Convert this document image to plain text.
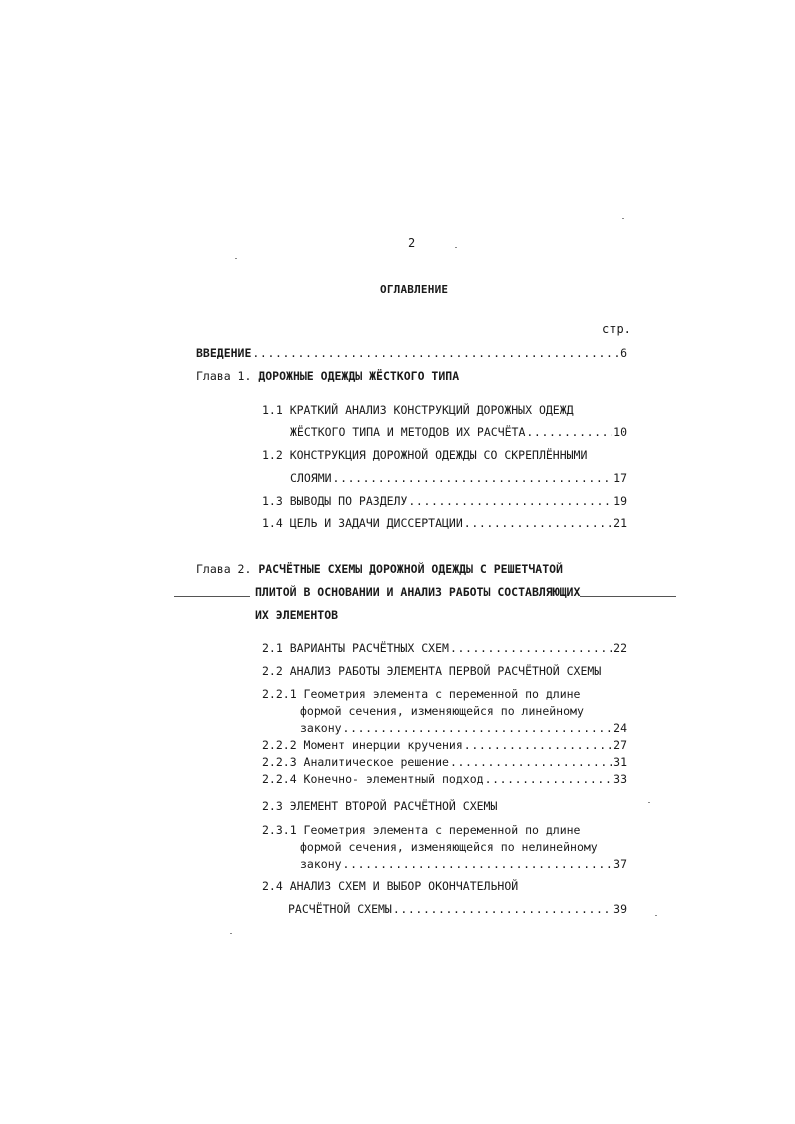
2
ОГЛАВЛЕНИЕ
стр.
ВВЕДЕНИЕ .....	6
Глава 1. ДОРОЖНЫЕ ОДЕЖДЫ ЖЁСТКОГО ТИПА
1.1 КРАТКИЙ АНАЛИЗ КОНСТРУКЦИЙ ДОРОЖНЫХ ОДЕЖД
ЖЁСТКОГО ТИПА И МЕТОДОВ ИХ РАСЧЁТА .....	10
1.2 КОНСТРУКЦИЯ ДОРОЖНОЙ ОДЕЖДЫ СО СКРЕПЛЁННЫМИ
СЛОЯМИ .....	17
1.3 ВЫВОДЫ ПО РАЗДЕЛУ .....	19
1.4 ЦЕЛЬ И ЗАДАЧИ ДИССЕРТАЦИИ .....	21
Глава 2. РАСЧЁТНЫЕ СХЕМЫ ДОРОЖНОЙ ОДЕЖДЫ С РЕШЕТЧАТОЙ
ПЛИТОЙ В ОСНОВАНИИ И АНАЛИЗ РАБОТЫ СОСТАВЛЯЮЩИХ
ИХ ЭЛЕМЕНТОВ
2.1 ВАРИАНТЫ РАСЧЁТНЫХ СХЕМ .....	22
2.2 АНАЛИЗ РАБОТЫ ЭЛЕМЕНТА ПЕРВОЙ РАСЧЁТНОЙ СХЕМЫ
2.2.1 Геометрия элемента с переменной по длине
формой сечения, изменяющейся по линейному
закону .....	24
2.2.2 Момент инерции кручения .....	27
2.2.3 Аналитическое решение .....	31
2.2.4 Конечно- элементный подход .....	33
2.3 ЭЛЕМЕНТ ВТОРОЙ РАСЧЁТНОЙ СХЕМЫ
2.3.1 Геометрия элемента с переменной по длине
формой сечения, изменяющейся по нелинейному
закону .....	37
2.4 АНАЛИЗ СХЕМ И ВЫБОР ОКОНЧАТЕЛЬНОЙ
РАСЧЁТНОЙ СХЕМЫ .....	39
